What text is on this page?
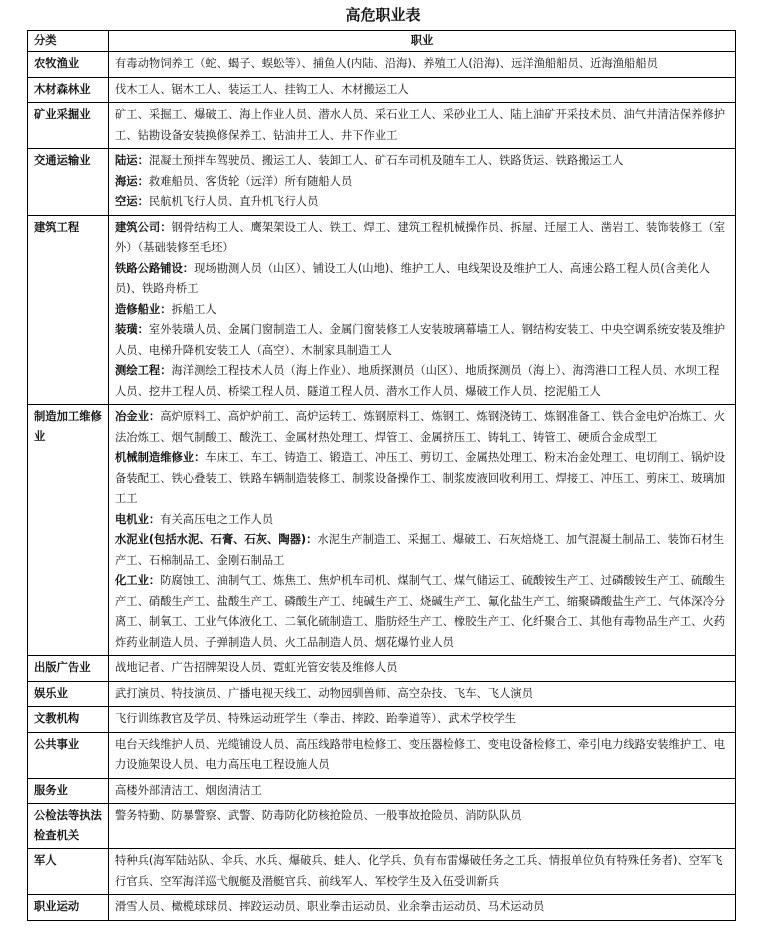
高危职业表
分类	职业
农牧渔业	有毒动物饲养工（蛇、蝎子、蜈蚣等）、捕鱼人(内陆、沿海)、养殖工人(沿海)、远洋渔船船员、近海渔船船员

木材森林业	伐木工人、锯木工人、装运工人、挂钩工人、木材搬运工人

矿业采掘业	矿工、采掘工、爆破工、海上作业人员、潜水人员、采石业工人、采砂业工人、陆上油矿开采技术员、油气井清洁保养修护工、钻勘设备安装换修保养工、钻油井工人、井下作业工

交通运输业	陆运：混凝土预拌车驾驶员、搬运工人、装卸工人、矿石车司机及随车工人、铁路货运、铁路搬运工人
海运：救难船员、客货轮（远洋）所有随船人员
空运：民航机飞行人员、直升机飞行人员

建筑工程	建筑公司：钢骨结构工人、鹰架架设工人、铁工、焊工、建筑工程机械操作员、拆屋、迁屋工人、凿岩工、装饰装修工（室外）（基础装修至毛坯）
铁路公路铺设：现场勘测人员（山区）、铺设工人(山地)、维护工人、电线架设及维护工人、高速公路工程人员(含美化人员)、铁路舟桥工
造修船业：拆船工人
装璜：室外装璜人员、金属门窗制造工人、金属门窗装修工人安装玻璃幕墙工人、钢结构安装工、中央空调系统安装及维护人员、电梯升降机安装工人（高空）、木制家具制造工人
测绘工程：海洋测绘工程技术人员（海上作业）、地质探测员（山区）、地质探测员（海上）、海湾港口工程人员、水坝工程人员、挖井工程人员、桥梁工程人员、隧道工程人员、潜水工作人员、爆破工作人员、挖泥船工人

制造加工维修业	冶金业：高炉原料工、高炉炉前工、高炉运转工、炼钢原料工、炼钢工、炼钢浇铸工、炼钢准备工、铁合金电炉冶炼工、火法冶炼工、烟气制酸工、酸洗工、金属材热处理工、焊管工、金属挤压工、铸轧工、铸管工、硬质合金成型工
机械制造维修业：车床工、车工、铸造工、锻造工、冲压工、剪切工、金属热处理工、粉末冶金处理工、电切削工、锅炉设备装配工、铁心叠装工、铁路车辆制造装修工、制浆设备操作工、制浆废液回收利用工、焊接工、冲压工、剪床工、玻璃加工工
电机业：有关高压电之工作人员
水泥业(包括水泥、石膏、石灰、陶器)：水泥生产制造工、采掘工、爆破工、石灰焙烧工、加气混凝土制品工、装饰石材生产工、石棉制品工、金刚石制品工
化工业：防腐蚀工、油制气工、炼焦工、焦炉机车司机、煤制气工、煤气储运工、硫酸铵生产工、过磷酸铵生产工、硫酸生产工、硝酸生产工、盐酸生产工、磷酸生产工、纯碱生产工、烧碱生产工、氟化盐生产工、缩聚磷酸盐生产工、气体深冷分离工、制氧工、工业气体液化工、二氧化硫制造工、脂肪烃生产工、橡胶生产工、化纤聚合工、其他有毒物品生产工、火药炸药业制造人员、子弹制造人员、火工品制造人员、烟花爆竹业人员

出版广告业	战地记者、广告招牌架设人员、霓虹光管安装及维修人员

娱乐业	武打演员、特技演员、广播电视天线工、动物园驯兽师、高空杂技、飞车、飞人演员

文教机构	飞行训练教官及学员、特殊运动班学生（拳击、摔跤、跆拳道等）、武术学校学生

公共事业	电台天线维护人员、光缆铺设人员、高压线路带电检修工、变压器检修工、变电设备检修工、牵引电力线路安装维护工、电力设施架设人员、电力高压电工程设施人员

服务业	高楼外部清洁工、烟囱清洁工

公检法等执法检查机关	警务特勤、防暴警察、武警、防毒防化防核抢险员、一般事故抢险员、消防队队员

军人	特种兵(海军陆站队、伞兵、水兵、爆破兵、蛙人、化学兵、负有布雷爆破任务之工兵、情报单位负有特殊任务者)、空军飞行官兵、空军海洋巡弋舰艇及潜艇官兵、前线军人、军校学生及入伍受训新兵

职业运动	滑雪人员、橄榄球球员、摔跤运动员、职业拳击运动员、业余拳击运动员、马术运动员
